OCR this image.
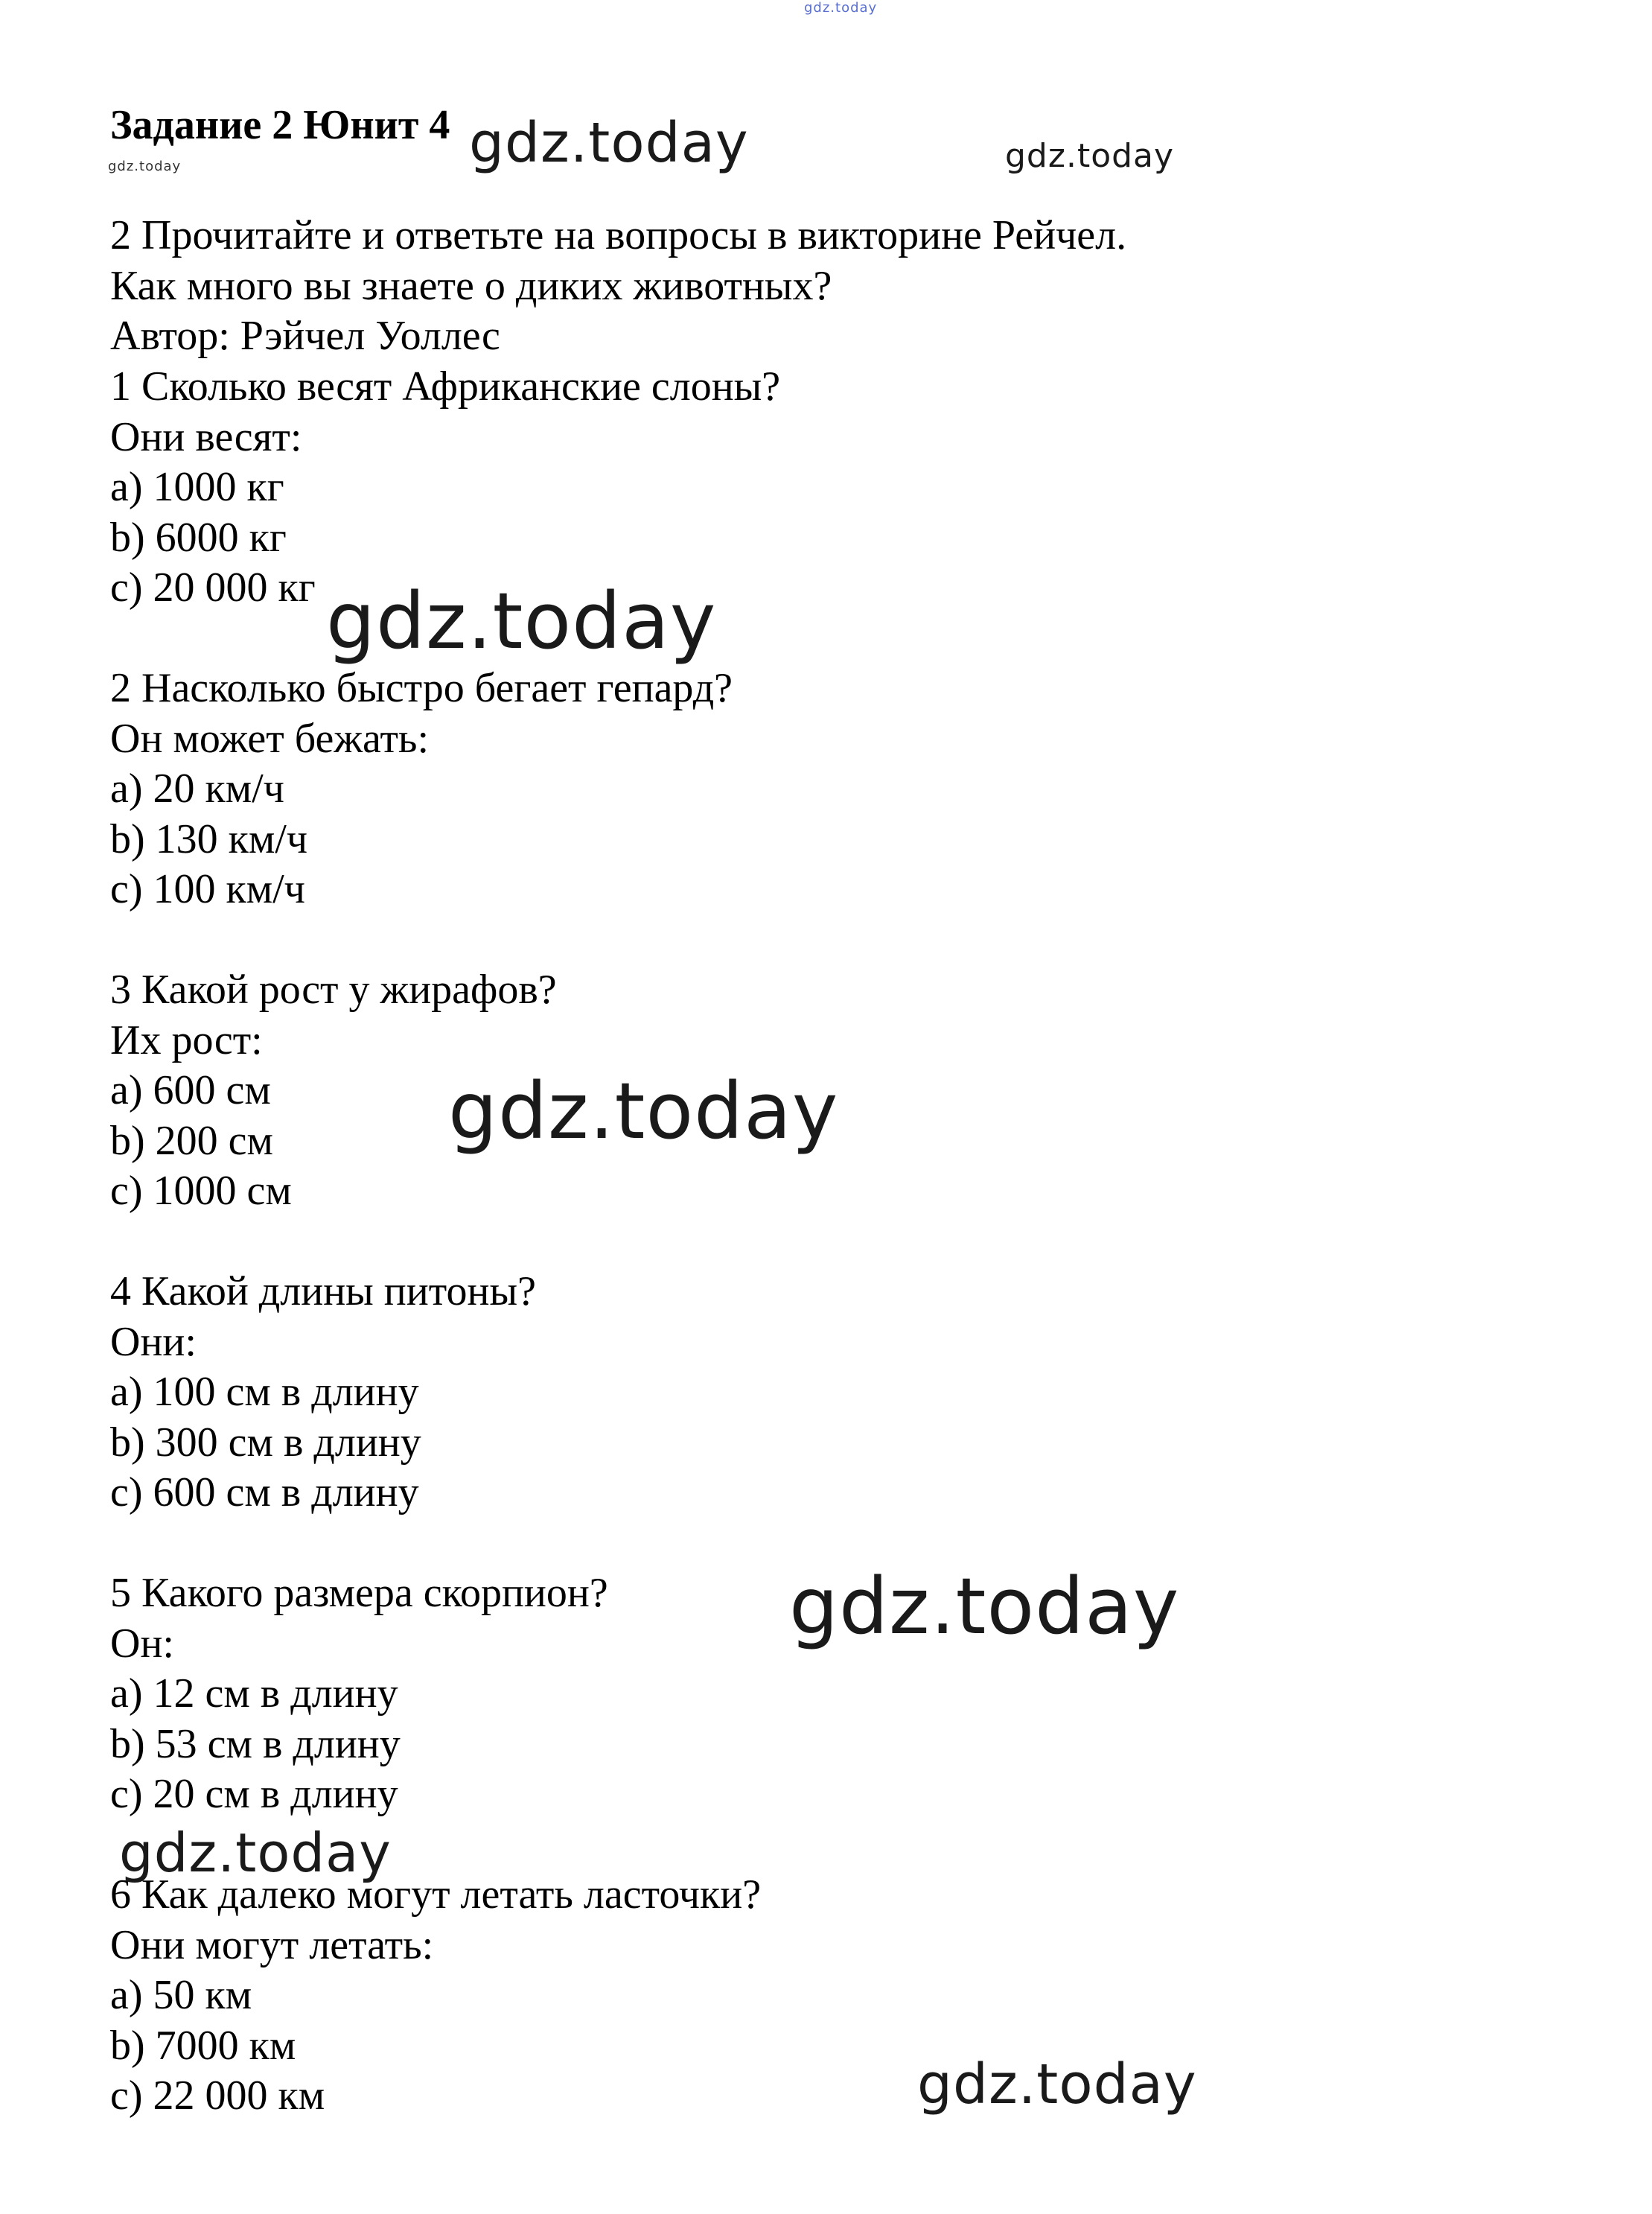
gdz.today
Задание 2 Юнит 4
gdz.today	gdz.today	gdz.today
2 Прочитайте и ответьте на вопросы в викторине Рейчел.
Как много вы знаете о диких животных?
Автор: Рэйчел Уоллес
1 Сколько весят Африканские слоны?
Они весят:
a) 1000 кг
b) 6000 кг
c) 20 000 кг
2 Насколько быстро бегает гепард?
Он может бежать:
a) 20 км/ч
b) 130 км/ч
c) 100 км/ч
3 Какой рост у жирафов?
Их рост:
a) 600 см
b) 200 см
c) 1000 см
4 Какой длины питоны?
Они:
a) 100 см в длину
b) 300 см в длину
c) 600 см в длину
5 Какого размера скорпион?
Он:
a) 12 см в длину
b) 53 см в длину
c) 20 см в длину
6 Как далеко могут летать ласточки?
Они могут летать:
a) 50 км
b) 7000 км
c) 22 000 км
gdz.today
gdz.today
gdz.today
gdz.today
gdz.today
